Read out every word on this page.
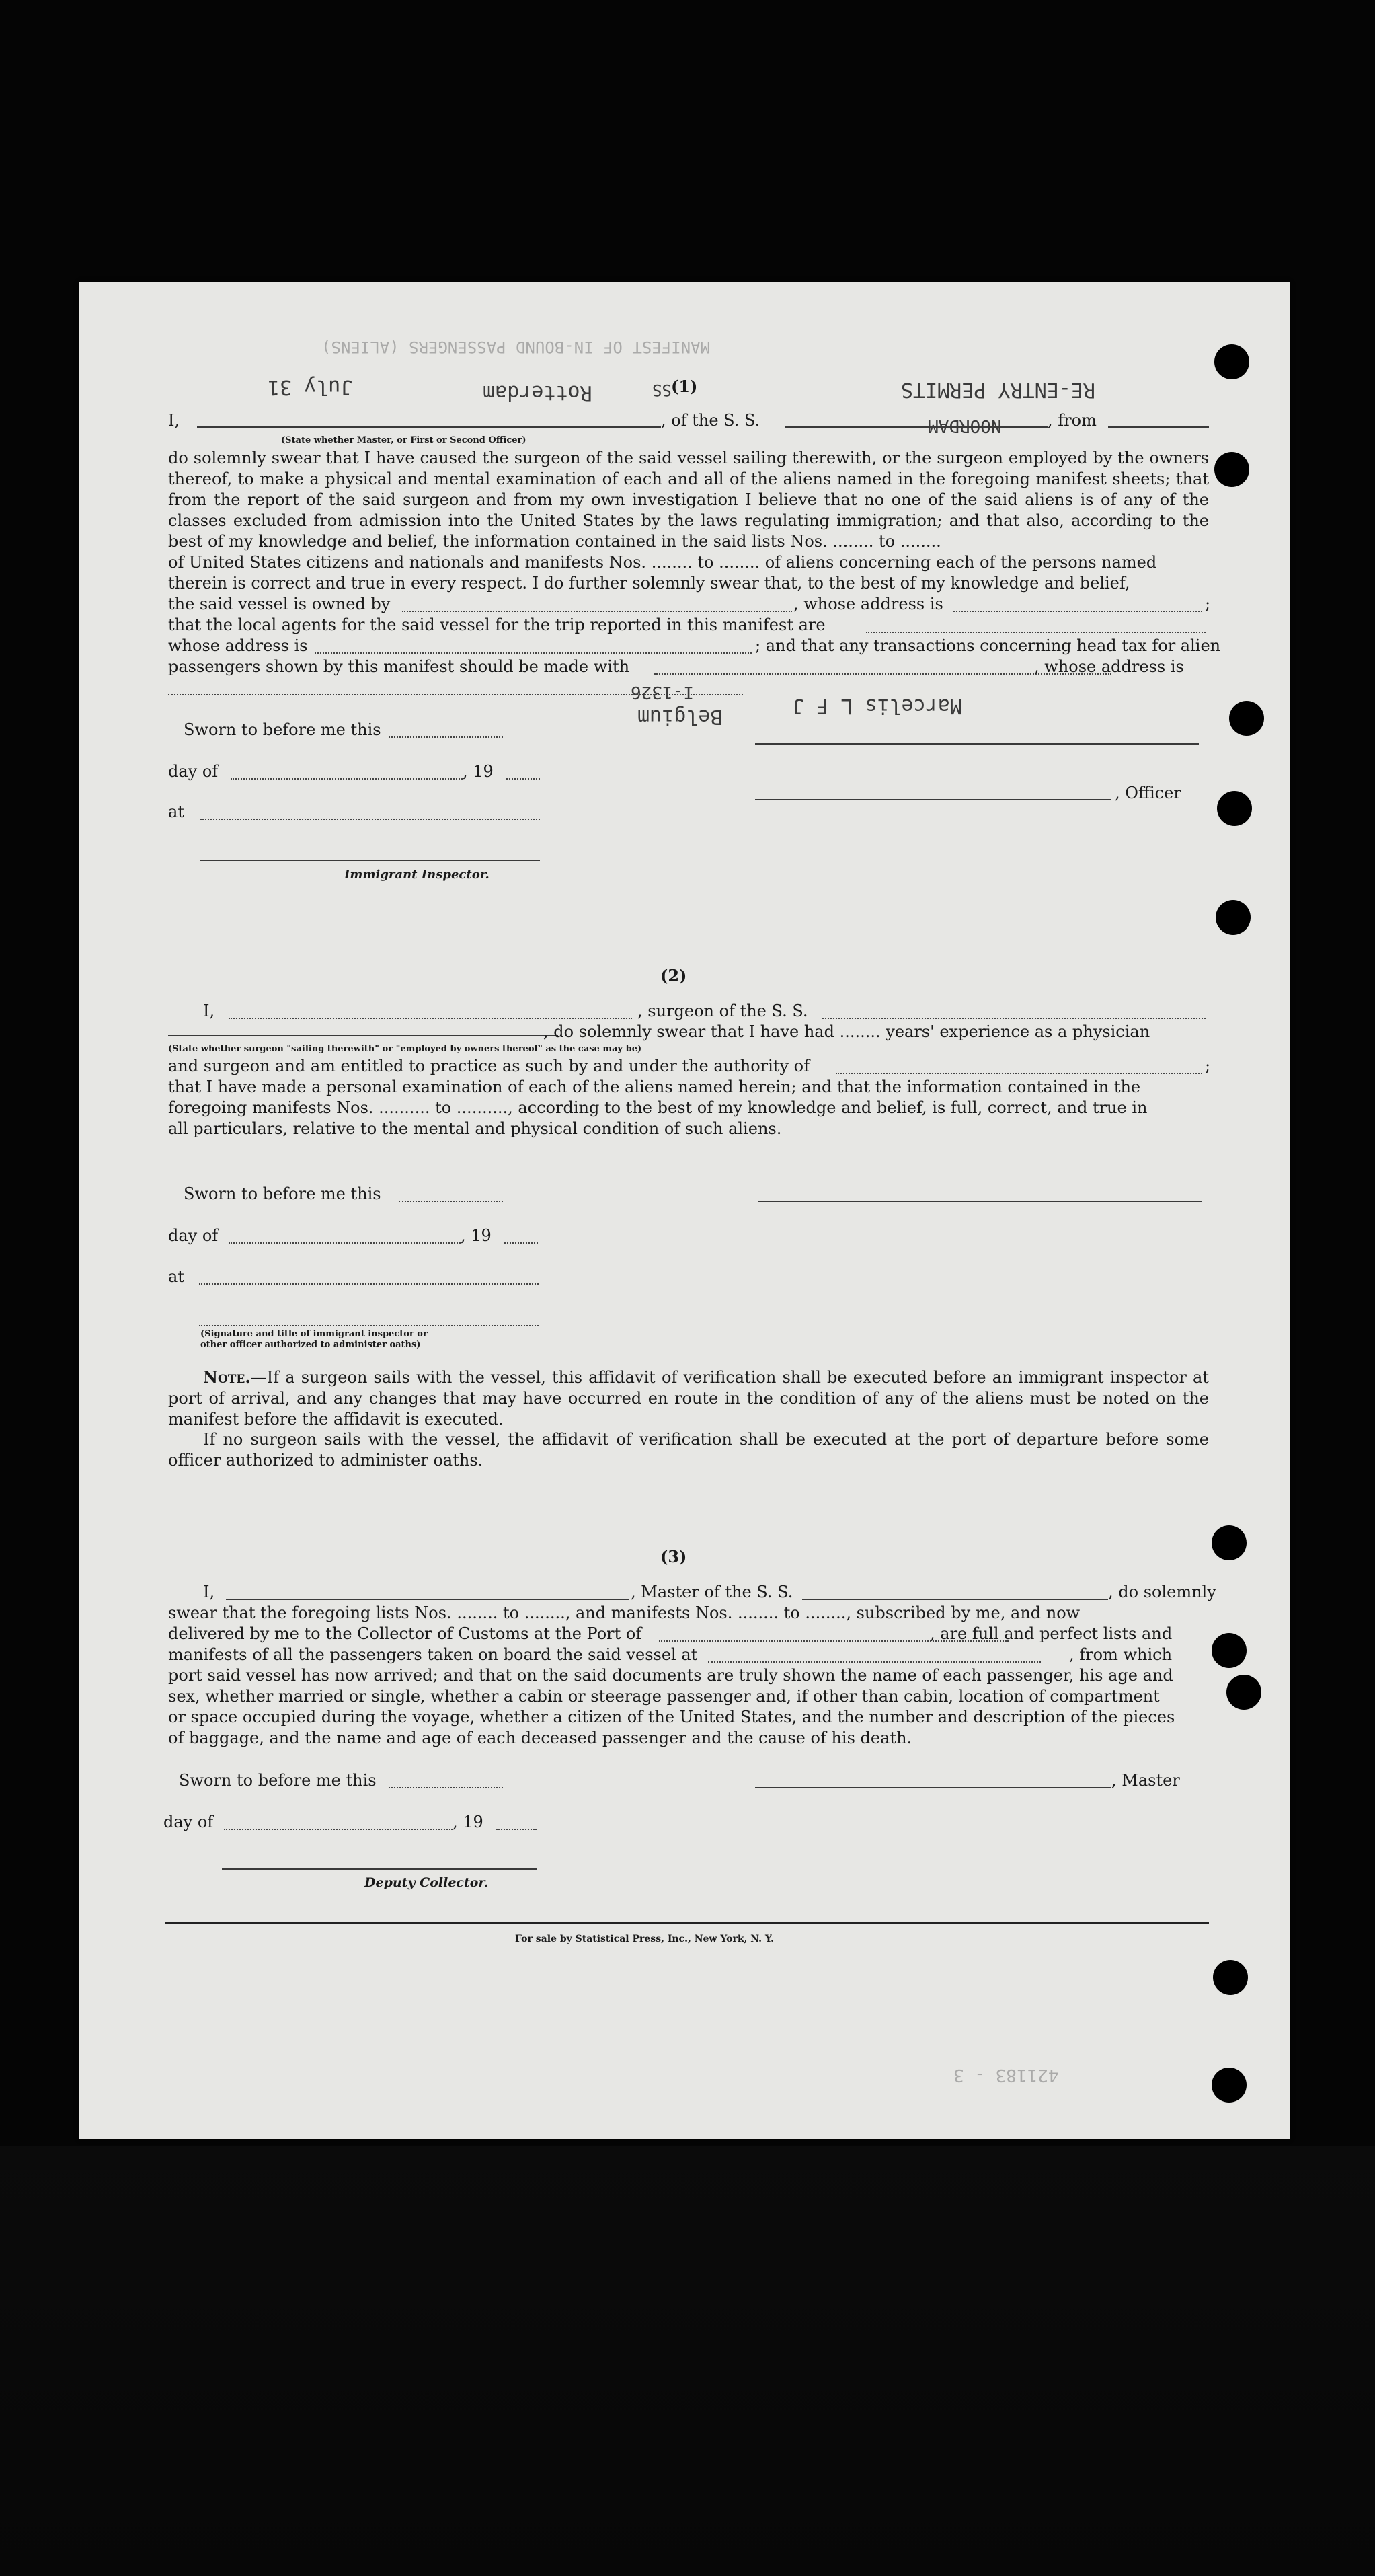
MANIFEST OF IN-BOUND PASSENGERS (ALIENS)
421183 - 3
(1)
July 31	Rotterdam	SS	RE-ENTRY PERMITS
I,	, of the S. S.	, from
(State whether Master, or First or Second Officer)
NOORDAM
do solemnly swear that I have caused the surgeon of the said vessel sailing therewith, or the surgeon employed by the owners thereof, to make a physical and mental examination of each and all of the aliens named in the foregoing manifest sheets; that from the report of the said surgeon and from my own investigation I believe that no one of the said aliens is of any of the classes excluded from admission into the United States by the laws regulating immigration; and that also, according to the best of my knowledge and belief, the information contained in the said lists Nos. ........ to ........
of United States citizens and nationals and manifests Nos. ........ to ........ of aliens concerning each of the persons named
therein is correct and true in every respect. I do further solemnly swear that, to the best of my knowledge and belief,
the said vessel is owned by	, whose address is	;
that the local agents for the said vessel for the trip reported in this manifest are
whose address is	; and that any transactions concerning head tax for alien
passengers shown by this manifest should be made with	, whose address is
Marcelis L F J
Belgium
I-1326
Sworn to before me this
day of	, 19
, Officer
at
Immigrant Inspector.
(2)
I,	, surgeon of the S. S.
, do solemnly swear that I have had ........ years' experience as a physician
(State whether surgeon "sailing therewith" or "employed by owners thereof" as the case may be)
and surgeon and am entitled to practice as such by and under the authority of	;
that I have made a personal examination of each of the aliens named herein; and that the information contained in the
foregoing manifests Nos. .......... to .........., according to the best of my knowledge and belief, is full, correct, and true in
all particulars, relative to the mental and physical condition of such aliens.
Sworn to before me this
day of	, 19
at
(Signature and title of immigrant inspector or
other officer authorized to administer oaths)
Note.—If a surgeon sails with the vessel, this affidavit of verification shall be executed before an immigrant inspector at port of arrival, and any changes that may have occurred en route in the condition of any of the aliens must be noted on the manifest before the affidavit is executed.
If no surgeon sails with the vessel, the affidavit of verification shall be executed at the port of departure before some officer authorized to administer oaths.
(3)
I,	, Master of the S. S.	, do solemnly
swear that the foregoing lists Nos. ........ to ........, and manifests Nos. ........ to ........, subscribed by me, and now
delivered by me to the Collector of Customs at the Port of	, are full and perfect lists and
manifests of all the passengers taken on board the said vessel at	, from which
port said vessel has now arrived; and that on the said documents are truly shown the name of each passenger, his age and
sex, whether married or single, whether a cabin or steerage passenger and, if other than cabin, location of compartment
or space occupied during the voyage, whether a citizen of the United States, and the number and description of the pieces
of baggage, and the name and age of each deceased passenger and the cause of his death.
Sworn to before me this	, Master
day of	, 19
Deputy Collector.
For sale by Statistical Press, Inc., New York, N. Y.
